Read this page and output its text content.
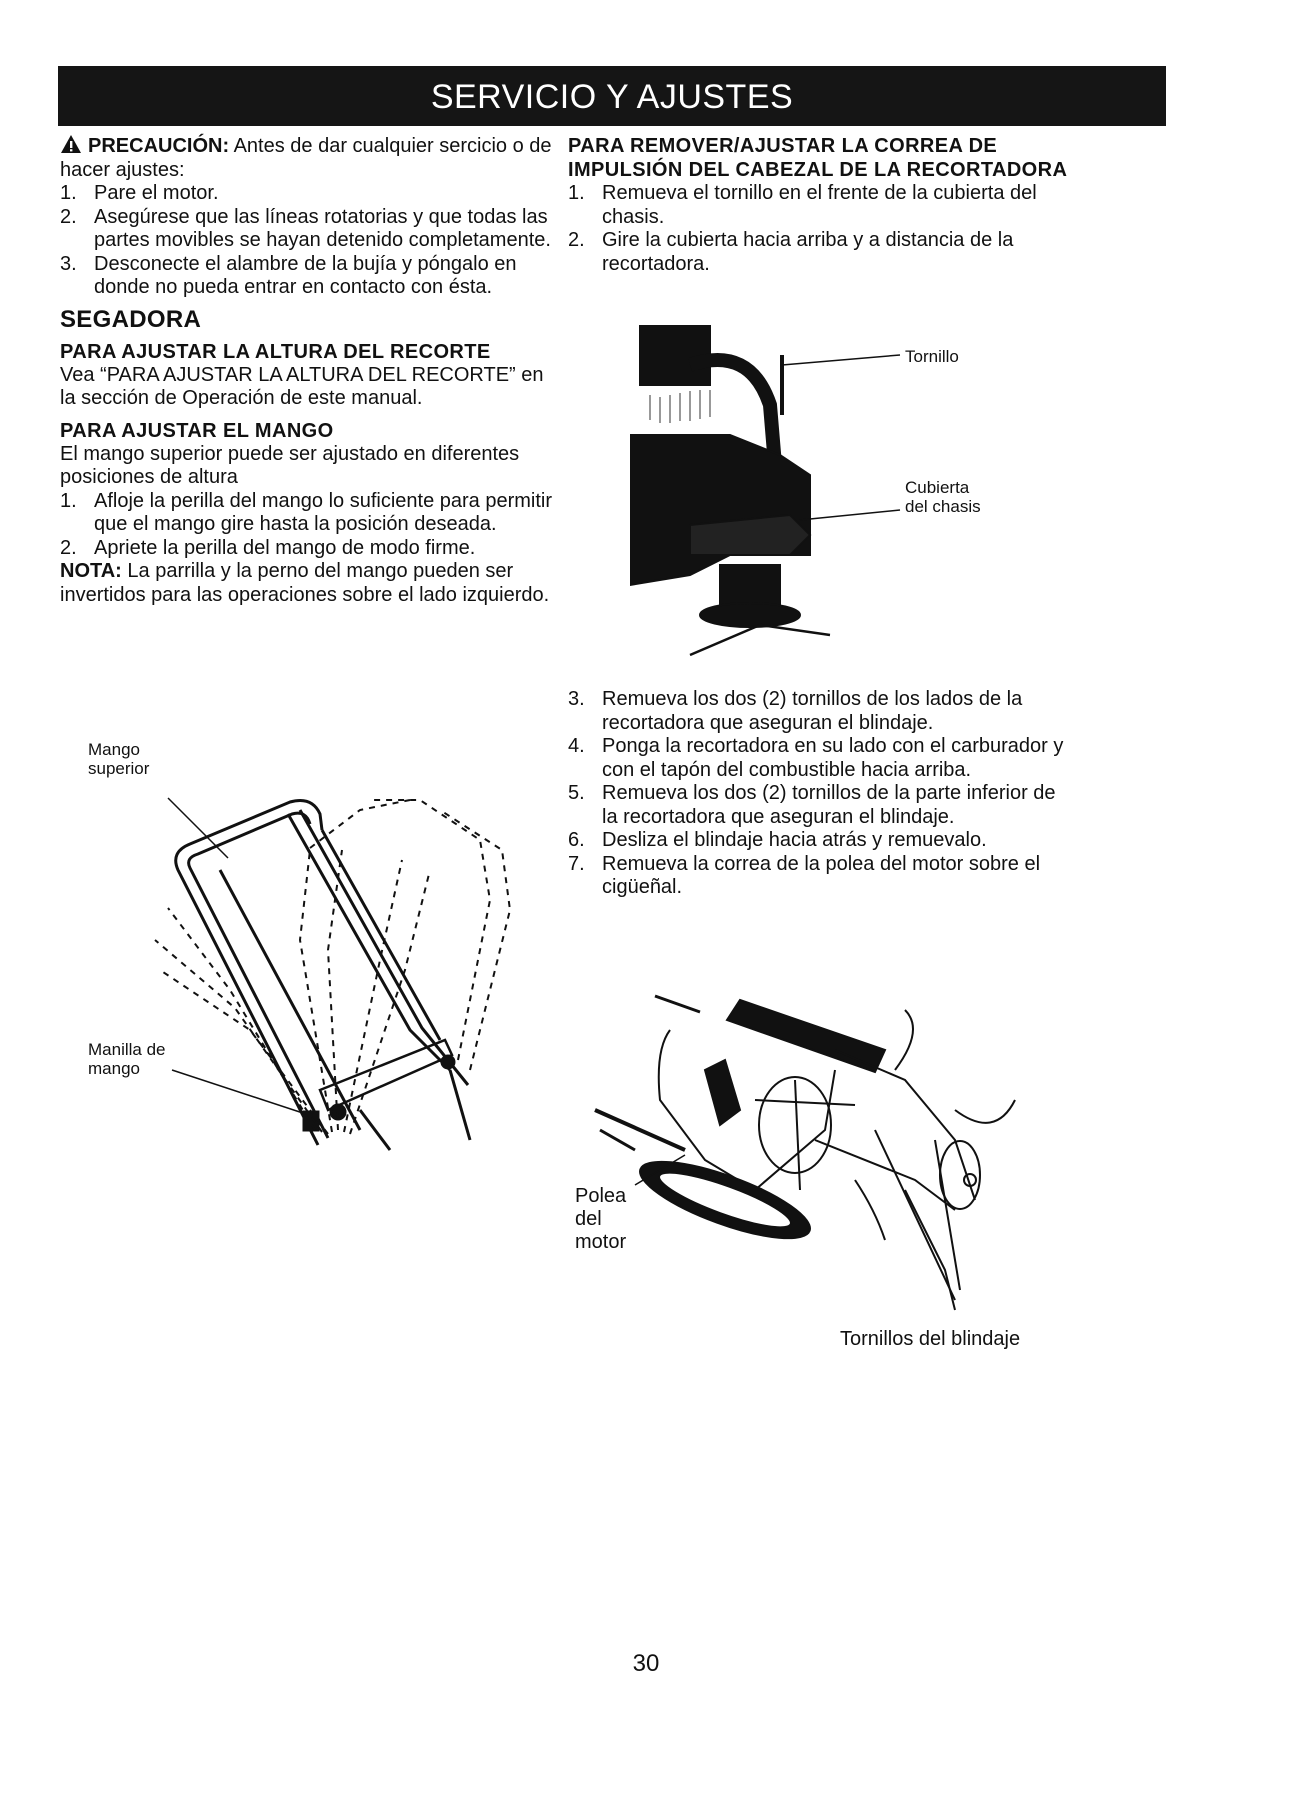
SERVICIO Y AJUSTES

PRECAUCIÓN: Antes de dar cualquier sercicio o de hacer ajustes:

1. Pare el motor.
2. Asegúrese que las líneas rotatorias y que todas las partes movibles se hayan detenido completamente.
3. Desconecte el alambre de la bujía y póngalo en donde no pueda entrar en contacto con ésta.
SEGADORA
PARA AJUSTAR LA ALTURA DEL RECORTE

Vea “PARA AJUSTAR LA ALTURA DEL RECORTE” en la sección de Operación de este manual.

PARA AJUSTAR EL MANGO

El mango superior puede ser ajustado en diferentes posiciones de altura

1. Afloje la perilla del mango lo suficiente para permitir que el mango gire hasta la posición deseada.
2. Apriete la perilla del mango de modo firme.

NOTA: La parrilla y la perno del mango pueden ser invertidos para las operaciones sobre el lado izquierdo.

Mango
superior
Manilla de
mango
PARA REMOVER/AJUSTAR LA CORREA DE IMPULSIÓN DEL CABEZAL DE LA RECORTADORA
1. Remueva el tornillo en el frente de la cubierta del chasis.
2. Gire la cubierta hacia arriba y a distancia de la recortadora.
Tornillo
Cubierta
del chasis
3. Remueva los dos (2) tornillos de los lados de la recortadora que aseguran el blindaje.
4. Ponga la recortadora en su lado con el carburador y con el tapón del combustible hacia arriba.
5. Remueva los dos (2) tornillos de la parte inferior de la recortadora que aseguran el blindaje.
6. Desliza el blindaje hacia atrás y remuevalo.
7. Remueva la correa de la polea del motor sobre el cigüeñal.
Polea
del
motor
Tornillos del blindaje
30
